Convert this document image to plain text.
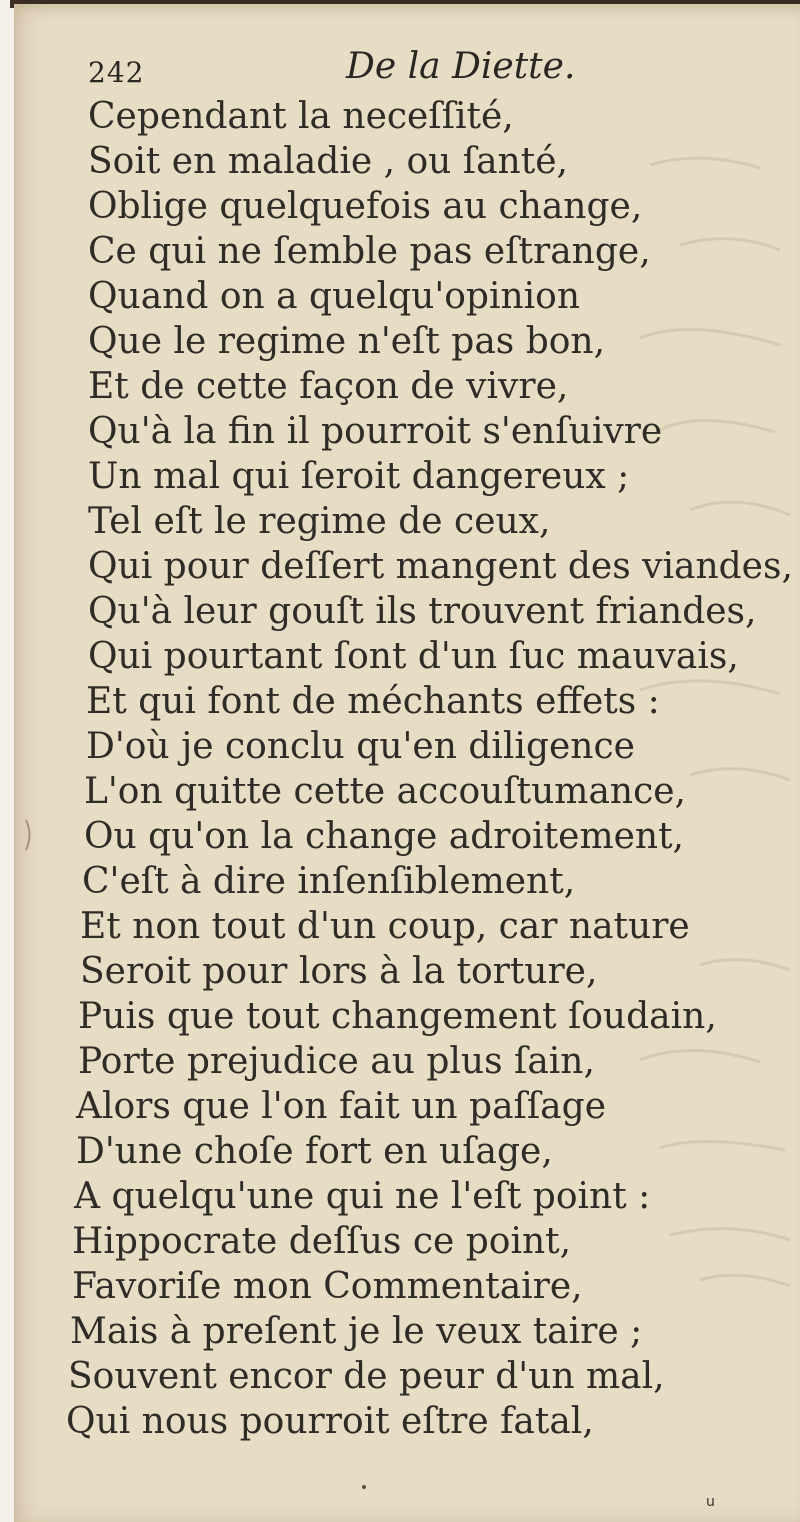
242	De la Diette.
Cependant la neceſſité,
Soit en maladie , ou ſanté,
Oblige quelquefois au change,
Ce qui ne ſemble pas eſtrange,
Quand on a quelqu'opinion
Que le regime n'eſt pas bon,
Et de cette façon de vivre,
Qu'à la fin il pourroit s'enſuivre
Un mal qui ſeroit dangereux ;
Tel eſt le regime de ceux,
Qui pour deſſert mangent des viandes,
Qu'à leur gouſt ils trouvent friandes,
Qui pourtant ſont d'un ſuc mauvais,
Et qui font de méchants effets :
D'où je conclu qu'en diligence
L'on quitte cette accouſtumance,
Ou qu'on la change adroitement,
C'eſt à dire inſenſiblement,
Et non tout d'un coup, car nature
Seroit pour lors à la torture,
Puis que tout changement ſoudain,
Porte prejudice au plus ſain,
Alors que l'on fait un paſſage
D'une choſe fort en uſage,
A quelqu'une qui ne l'eſt point :
Hippocrate deſſus ce point,
Favoriſe mon Commentaire,
Mais à preſent je le veux taire ;
Souvent encor de peur d'un mal,
Qui nous pourroit eſtre fatal,
u
